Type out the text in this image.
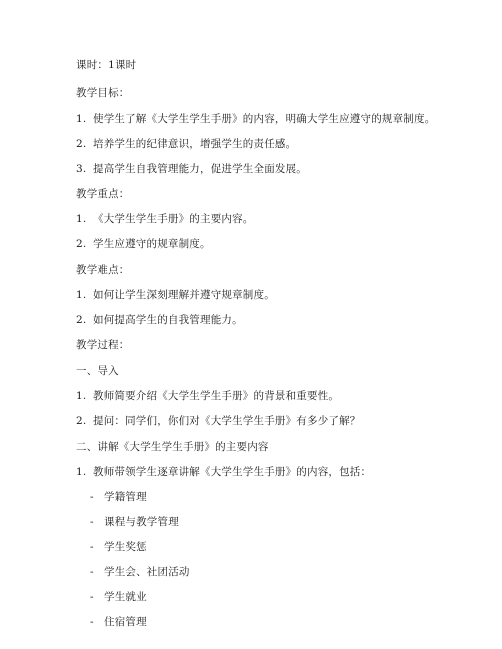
课时：1课时
教学目标：
1. 使学生了解《大学生学生手册》的内容，明确大学生应遵守的规章制度。
2. 培养学生的纪律意识，增强学生的责任感。
3. 提高学生自我管理能力，促进学生全面发展。
教学重点：
1. 《大学生学生手册》的主要内容。
2. 学生应遵守的规章制度。
教学难点：
1. 如何让学生深刻理解并遵守规章制度。
2. 如何提高学生的自我管理能力。
教学过程：
一、导入
1. 教师简要介绍《大学生学生手册》的背景和重要性。
2. 提问：同学们，你们对《大学生学生手册》有多少了解？
二、讲解《大学生学生手册》的主要内容
1. 教师带领学生逐章讲解《大学生学生手册》的内容，包括：
- 学籍管理
- 课程与教学管理
- 学生奖惩
- 学生会、社团活动
- 学生就业
- 住宿管理
